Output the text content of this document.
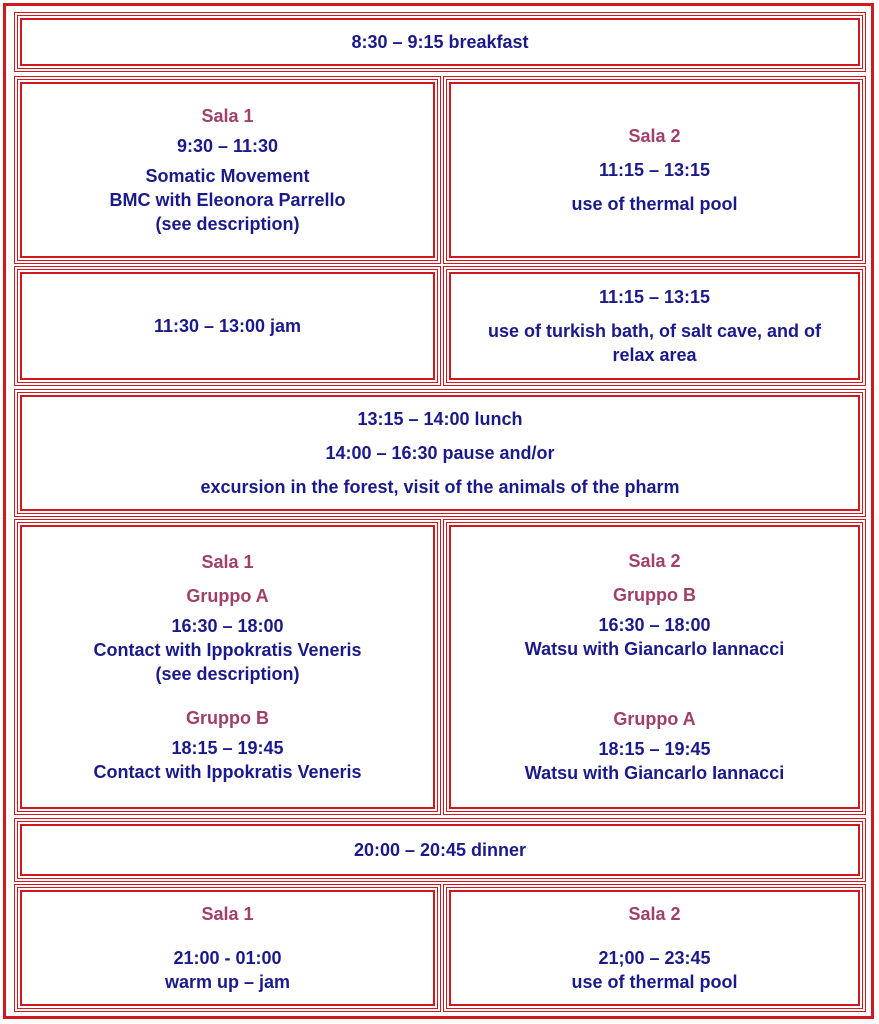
8:30 – 9:15 breakfast
Sala 1
9:30 – 11:30
Somatic Movement
BMC with Eleonora Parrello
(see description)
Sala 2
11:15 – 13:15
use of thermal pool
11:30 – 13:00 jam
11:15 – 13:15
use of turkish bath, of salt cave, and of
relax area
13:15 – 14:00 lunch
14:00 – 16:30 pause and/or
excursion in the forest, visit of the animals of the pharm
Sala 1
Gruppo A
16:30 – 18:00
Contact with Ippokratis Veneris
(see description)
Gruppo B
18:15 – 19:45
Contact with Ippokratis Veneris
Sala 2
Gruppo B
16:30 – 18:00
Watsu with Giancarlo Iannacci
Gruppo A
18:15 – 19:45
Watsu with Giancarlo Iannacci
20:00 – 20:45 dinner
Sala 1
21:00 - 01:00
warm up – jam
Sala 2
21;00 – 23:45
use of thermal pool
